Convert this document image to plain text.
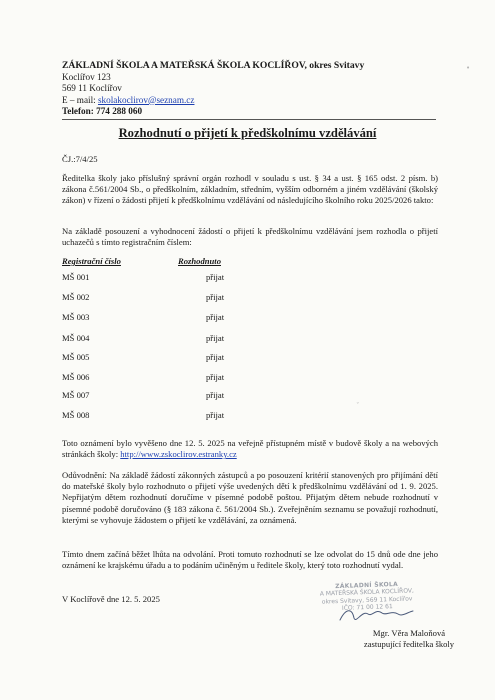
ZÁKLADNÍ ŠKOLA A MATEŘSKÁ ŠKOLA KOCLÍŘOV, okres Svitavy
Koclířov 123
569 11 Koclířov
E – mail: skolakoclirov@seznam.cz
Telefon: 774 288 060
Rozhodnutí o přijetí k předškolnímu vzdělávání
ČJ.:7/4/25
Ředitelka školy jako příslušný správní orgán rozhodl v souladu s ust. § 34 a ust. § 165 odst. 2 písm. b) zákona č.561/2004 Sb., o předškolním, základním, středním, vyšším odborném a jiném vzdělávání (školský zákon) v řízení o žádosti přijetí k předškolnímu vzdělávání od následujícího školního roku 2025/2026 takto:
Na základě posouzení a vyhodnocení žádostí o přijetí k předškolnímu vzdělávání jsem rozhodla o přijetí uchazečů s tímto registračním číslem:
Registrační číslo	Rozhodnuto
MŠ 001	přijat
MŠ 002	přijat
MŠ 003	přijat
MŠ 004	přijat
MŠ 005	přijat
MŠ 006	přijat
MŠ 007	přijat
MŠ 008	přijat
Toto oznámení bylo vyvěšeno dne 12. 5. 2025 na veřejně přístupném místě v budově školy a na webových stránkách školy: http://www.zskoclirov.estranky.cz
Odůvodnění: Na základě žádostí zákonných zástupců a po posouzení kritérií stanovených pro přijímání dětí do mateřské školy bylo rozhodnuto o přijetí výše uvedených dětí k předškolnímu vzdělávání od 1. 9. 2025. Nepřijatým dětem rozhodnutí doručíme v písemné podobě poštou. Přijatým dětem nebude rozhodnutí v písemné podobě doručováno (§ 183 zákona č. 561/2004 Sb.). Zveřejněním seznamu se považují rozhodnutí, kterými se vyhovuje žádostem o přijetí ke vzdělávání, za oznámená.
Tímto dnem začíná běžet lhůta na odvolání. Proti tomuto rozhodnutí se lze odvolat do 15 dnů ode dne jeho oznámení ke krajskému úřadu a to podáním učiněným u ředitele školy, který toto rozhodnutí vydal.
V Koclířově dne 12. 5. 2025
ZÁKLADNÍ ŠKOLA
A MATEŘSKÁ ŠKOLA KOCLÍŘOV,
okres Svitavy, 569 11 Koclířov
IČO: 71 00 12 61
Mgr. Věra Maloňová
zastupující ředitelka školy
•
ˇ
